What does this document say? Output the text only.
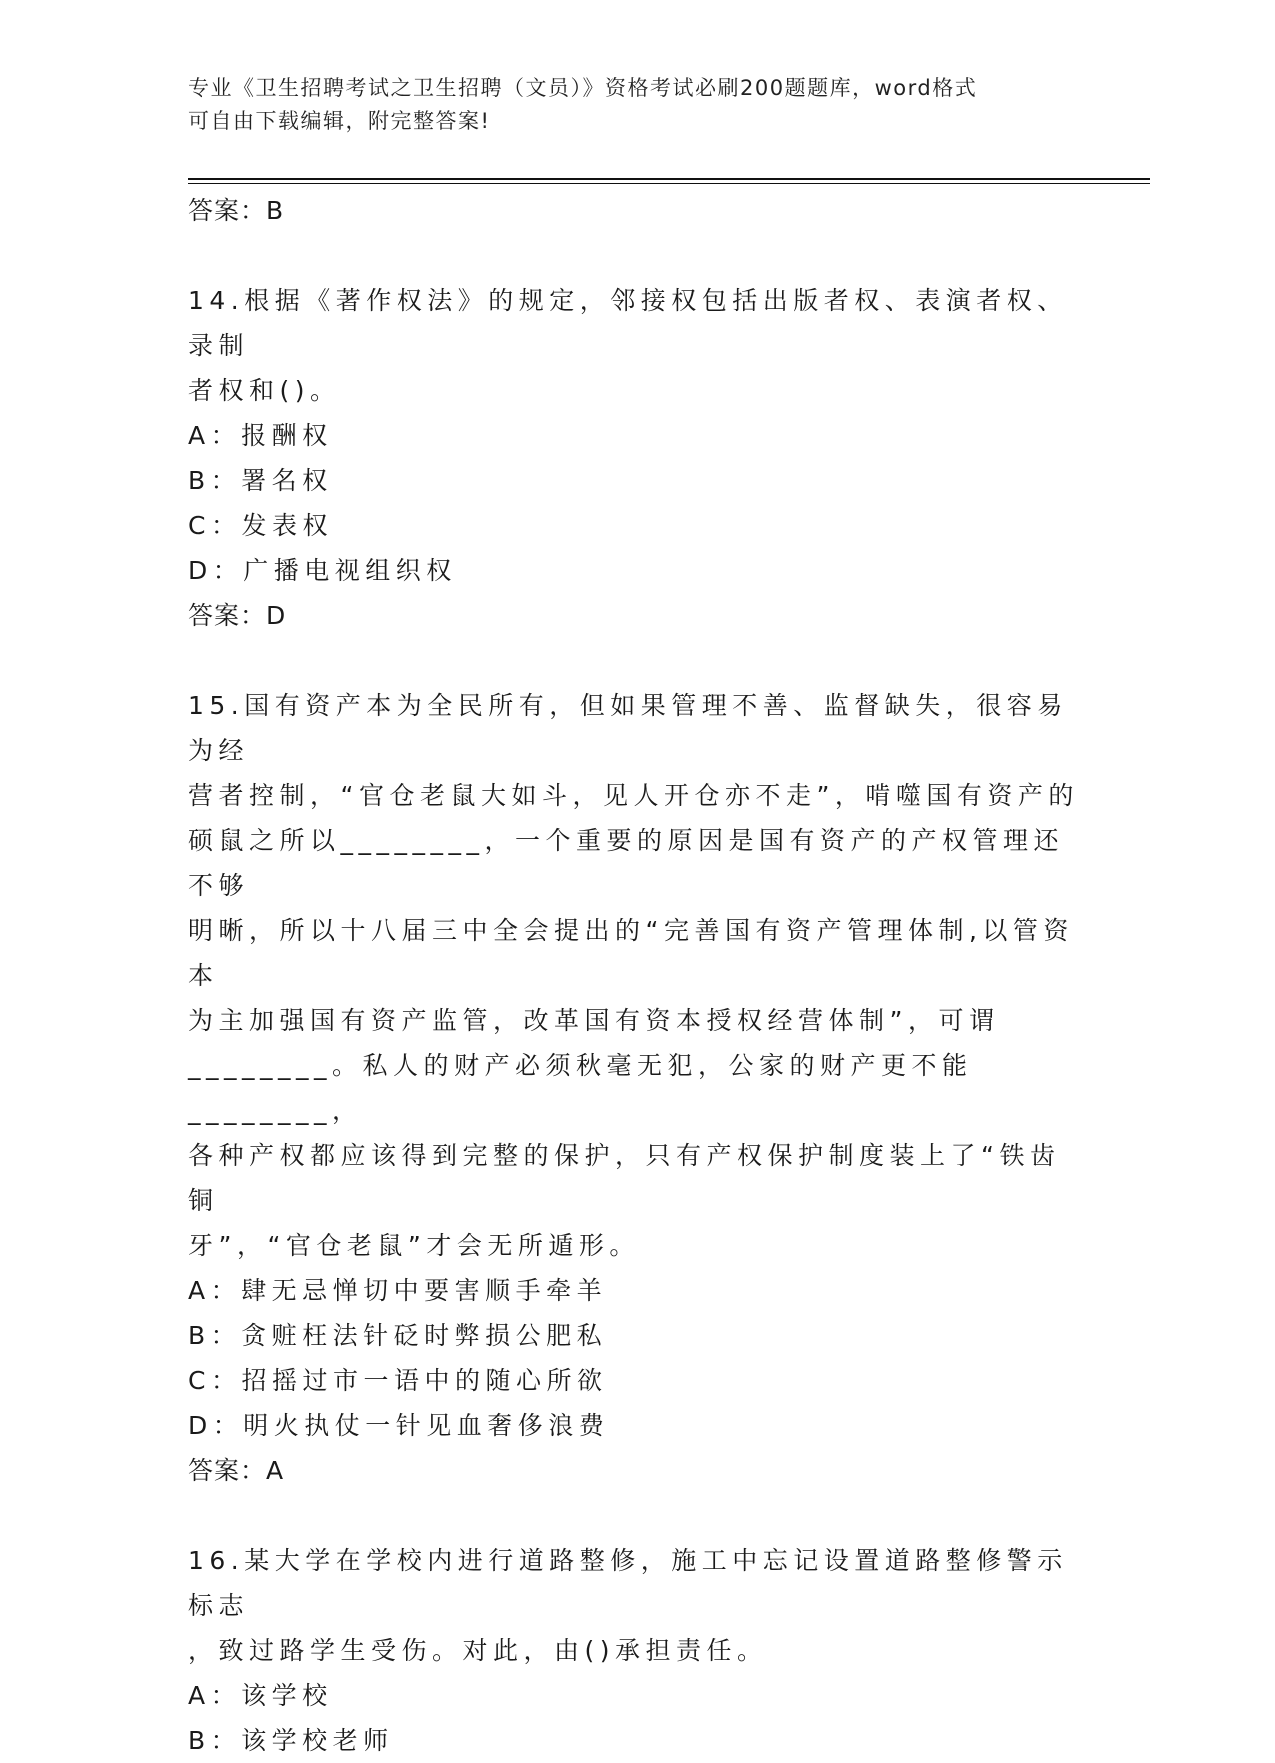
专业《卫生招聘考试之卫生招聘（文员）》资格考试必刷200题题库，word格式
可自由下载编辑，附完整答案!
答案：B
14.根据《著作权法》的规定，邻接权包括出版者权、表演者权、录制
者权和()。
A：报酬权
B：署名权
C：发表权
D：广播电视组织权
答案：D
15.国有资产本为全民所有，但如果管理不善、监督缺失，很容易为经
营者控制，“官仓老鼠大如斗，见人开仓亦不走”，啃噬国有资产的
硕鼠之所以________，一个重要的原因是国有资产的产权管理还不够
明晰，所以十八届三中全会提出的“完善国有资产管理体制,以管资本
为主加强国有资产监管，改革国有资本授权经营体制”，可谓
________。私人的财产必须秋毫无犯，公家的财产更不能________，
各种产权都应该得到完整的保护，只有产权保护制度装上了“铁齿铜
牙”，“官仓老鼠”才会无所遁形。
A：肆无忌惮切中要害顺手牵羊
B：贪赃枉法针砭时弊损公肥私
C：招摇过市一语中的随心所欲
D：明火执仗一针见血奢侈浪费
答案：A
16.某大学在学校内进行道路整修，施工中忘记设置道路整修警示标志
，致过路学生受伤。对此，由()承担责任。
A：该学校
B：该学校老师
